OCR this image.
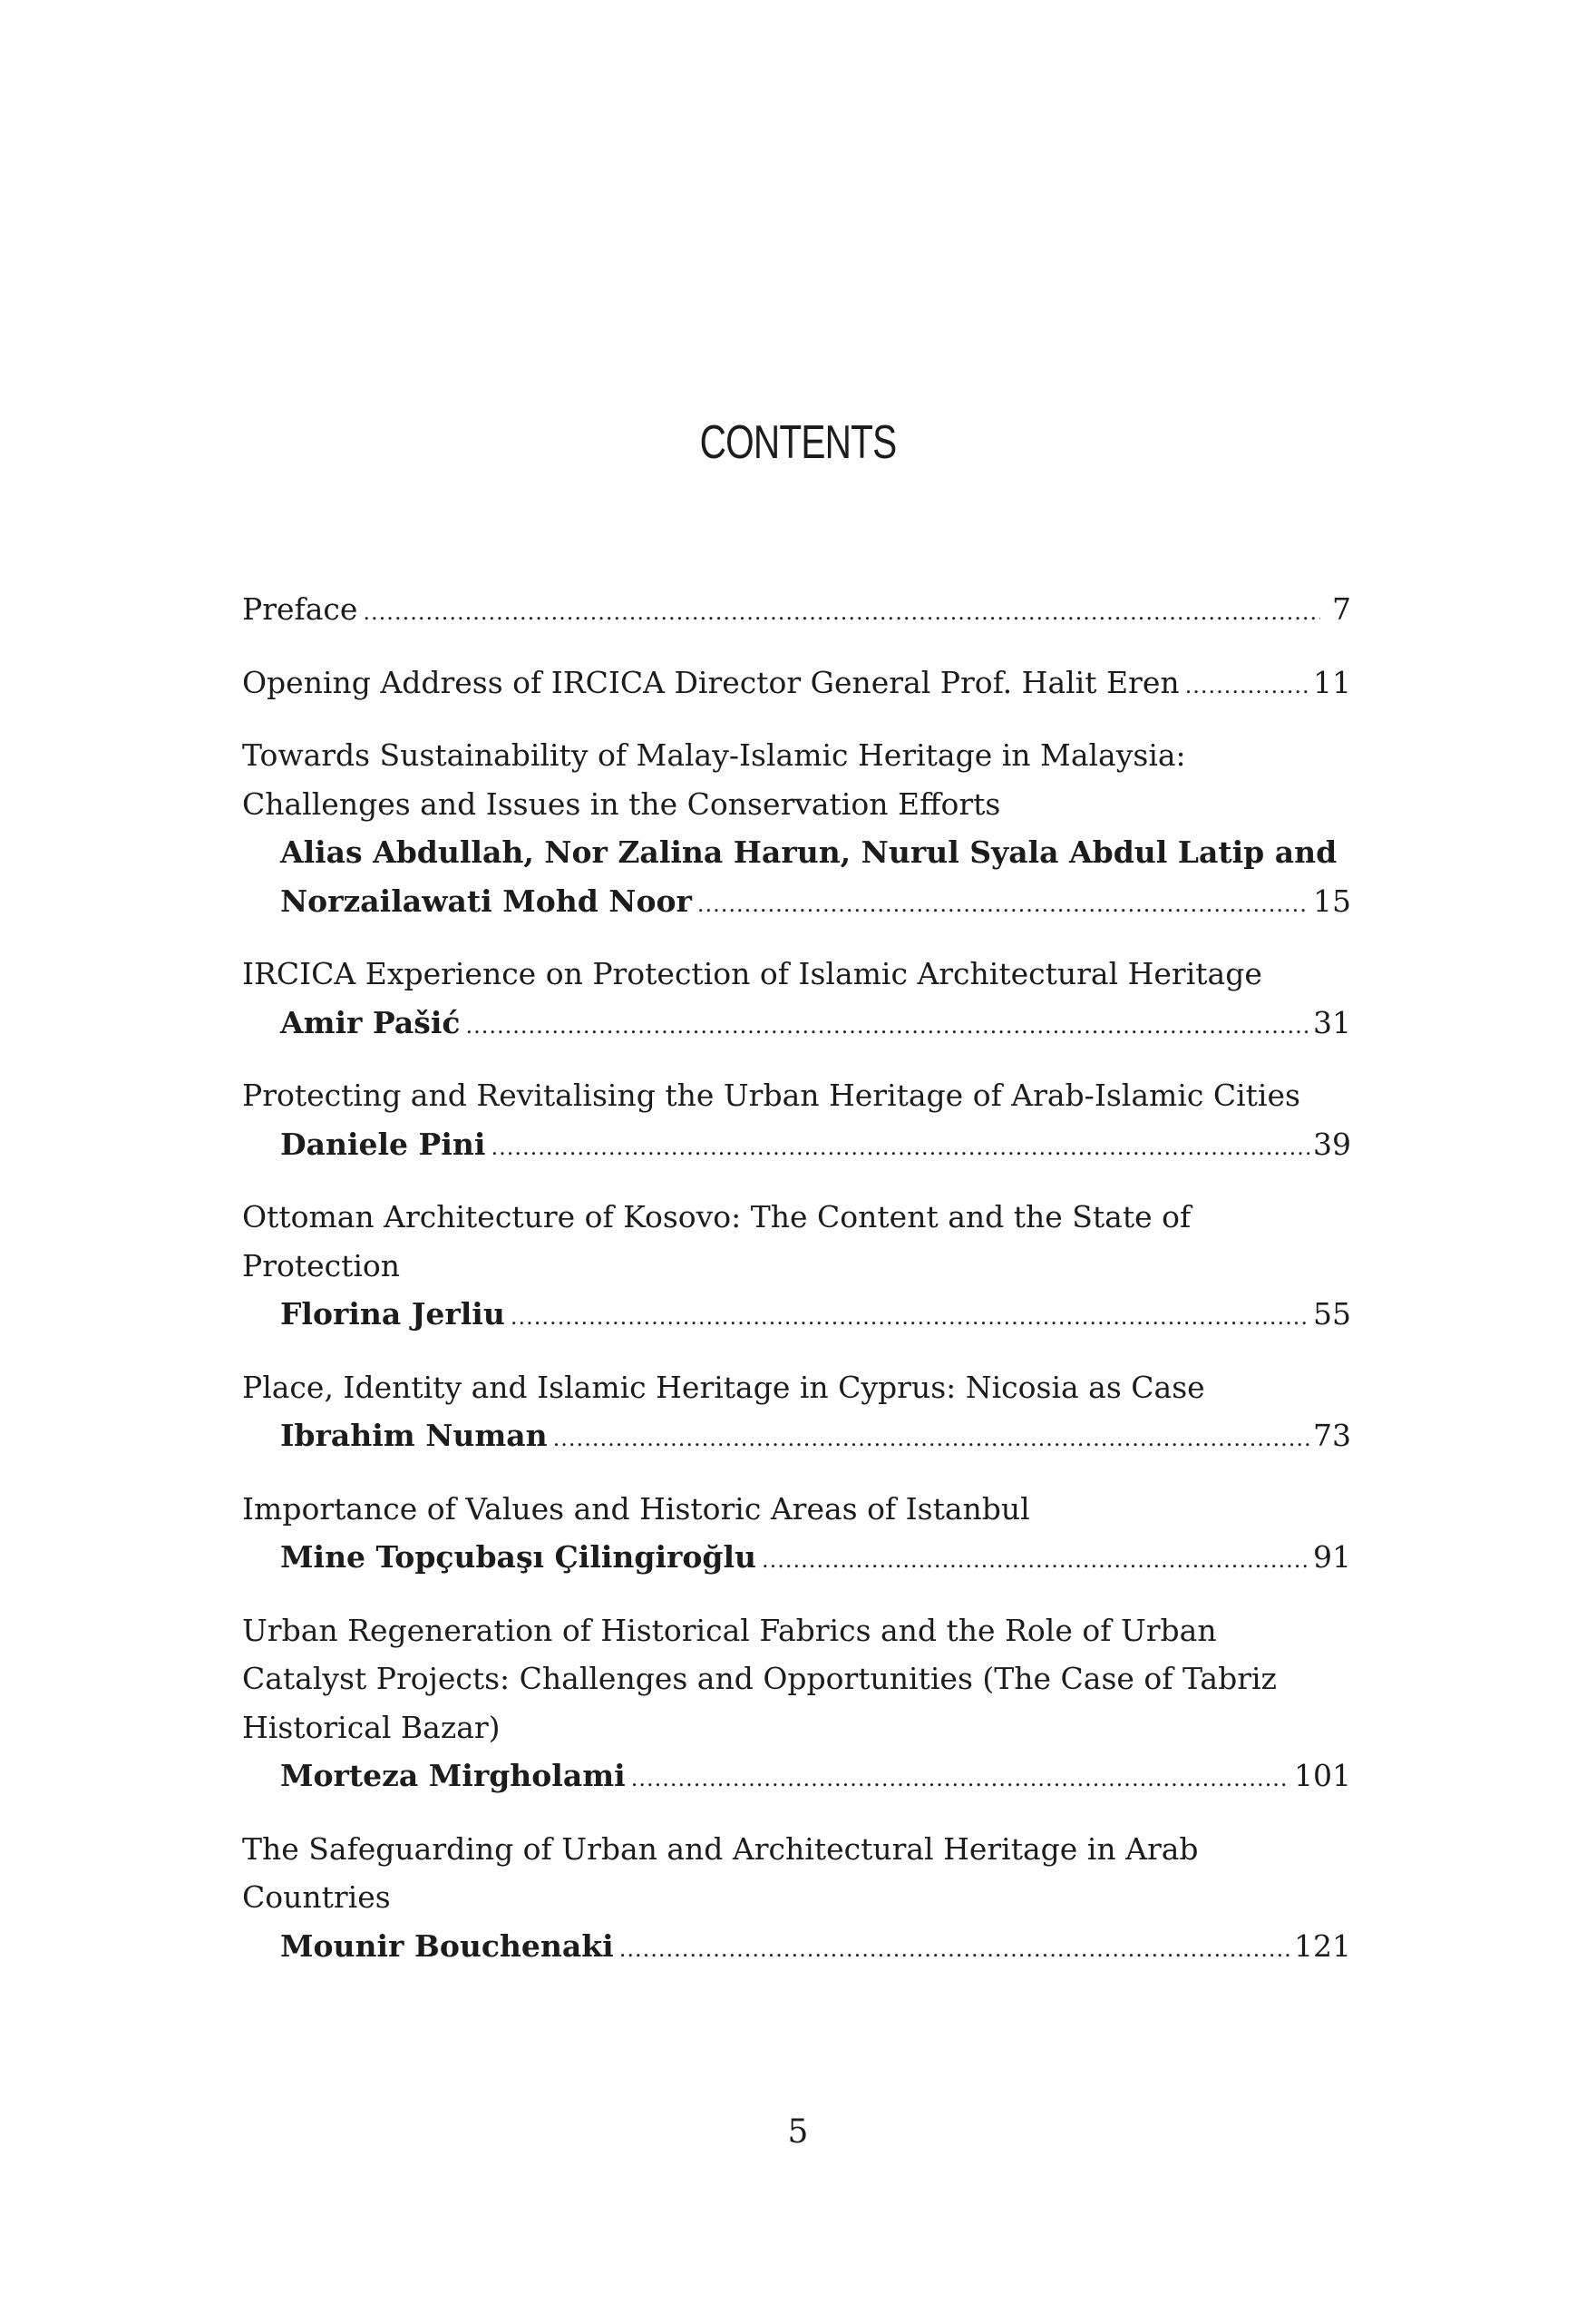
CONTENTS
Preface .....	7
Opening Address of IRCICA Director General Prof. Halit Eren .....	11
Towards Sustainability of Malay-Islamic Heritage in Malaysia:
Challenges and Issues in the Conservation Efforts
Alias Abdullah, Nor Zalina Harun, Nurul Syala Abdul Latip and
Norzailawati Mohd Noor .....	15
IRCICA Experience on Protection of Islamic Architectural Heritage
Amir Pašić .....	31
Protecting and Revitalising the Urban Heritage of Arab-Islamic Cities
Daniele Pini .....	39
Ottoman Architecture of Kosovo: The Content and the State of
Protection
Florina Jerliu .....	55
Place, Identity and Islamic Heritage in Cyprus: Nicosia as Case
Ibrahim Numan .....	73
Importance of Values and Historic Areas of Istanbul
Mine Topçubaşı Çilingiroğlu .....	91
Urban Regeneration of Historical Fabrics and the Role of Urban
Catalyst Projects: Challenges and Opportunities (The Case of Tabriz
Historical Bazar)
Morteza Mirgholami .....	101
The Safeguarding of Urban and Architectural Heritage in Arab
Countries
Mounir Bouchenaki .....	121
5
